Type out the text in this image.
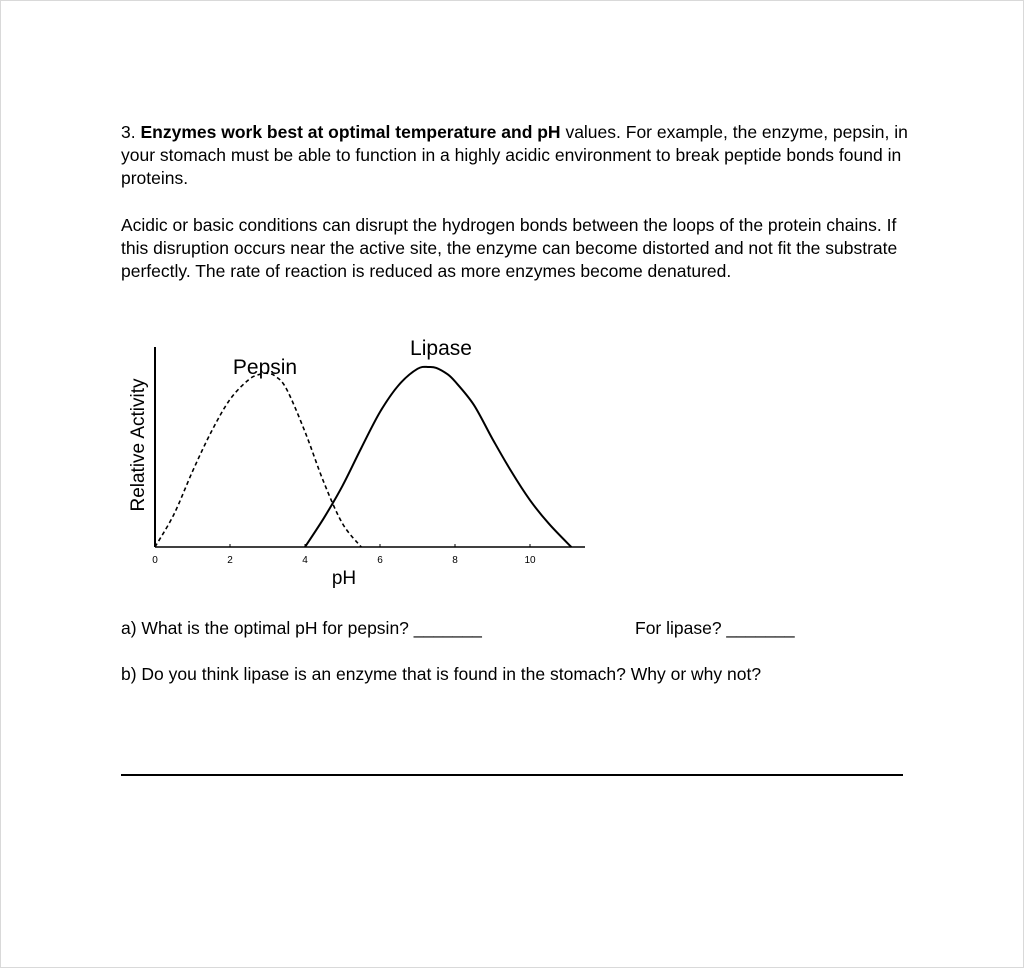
3. Enzymes work best at optimal temperature and pH values. For example, the enzyme, pepsin, in your stomach must be able to function in a highly acidic environment to break peptide bonds found in proteins.

Acidic or basic conditions can disrupt the hydrogen bonds between the loops of the protein chains. If this disruption occurs near the active site, the enzyme can become distorted and not fit the substrate perfectly. The rate of reaction is reduced as more enzymes become denatured.

Relative Activity
pH
0	2	4	6	8	10
Pepsin
Lipase
a) What is the optimal pH for pepsin? _______	For lipase? _______
b) Do you think lipase is an enzyme that is found in the stomach? Why or why not?
